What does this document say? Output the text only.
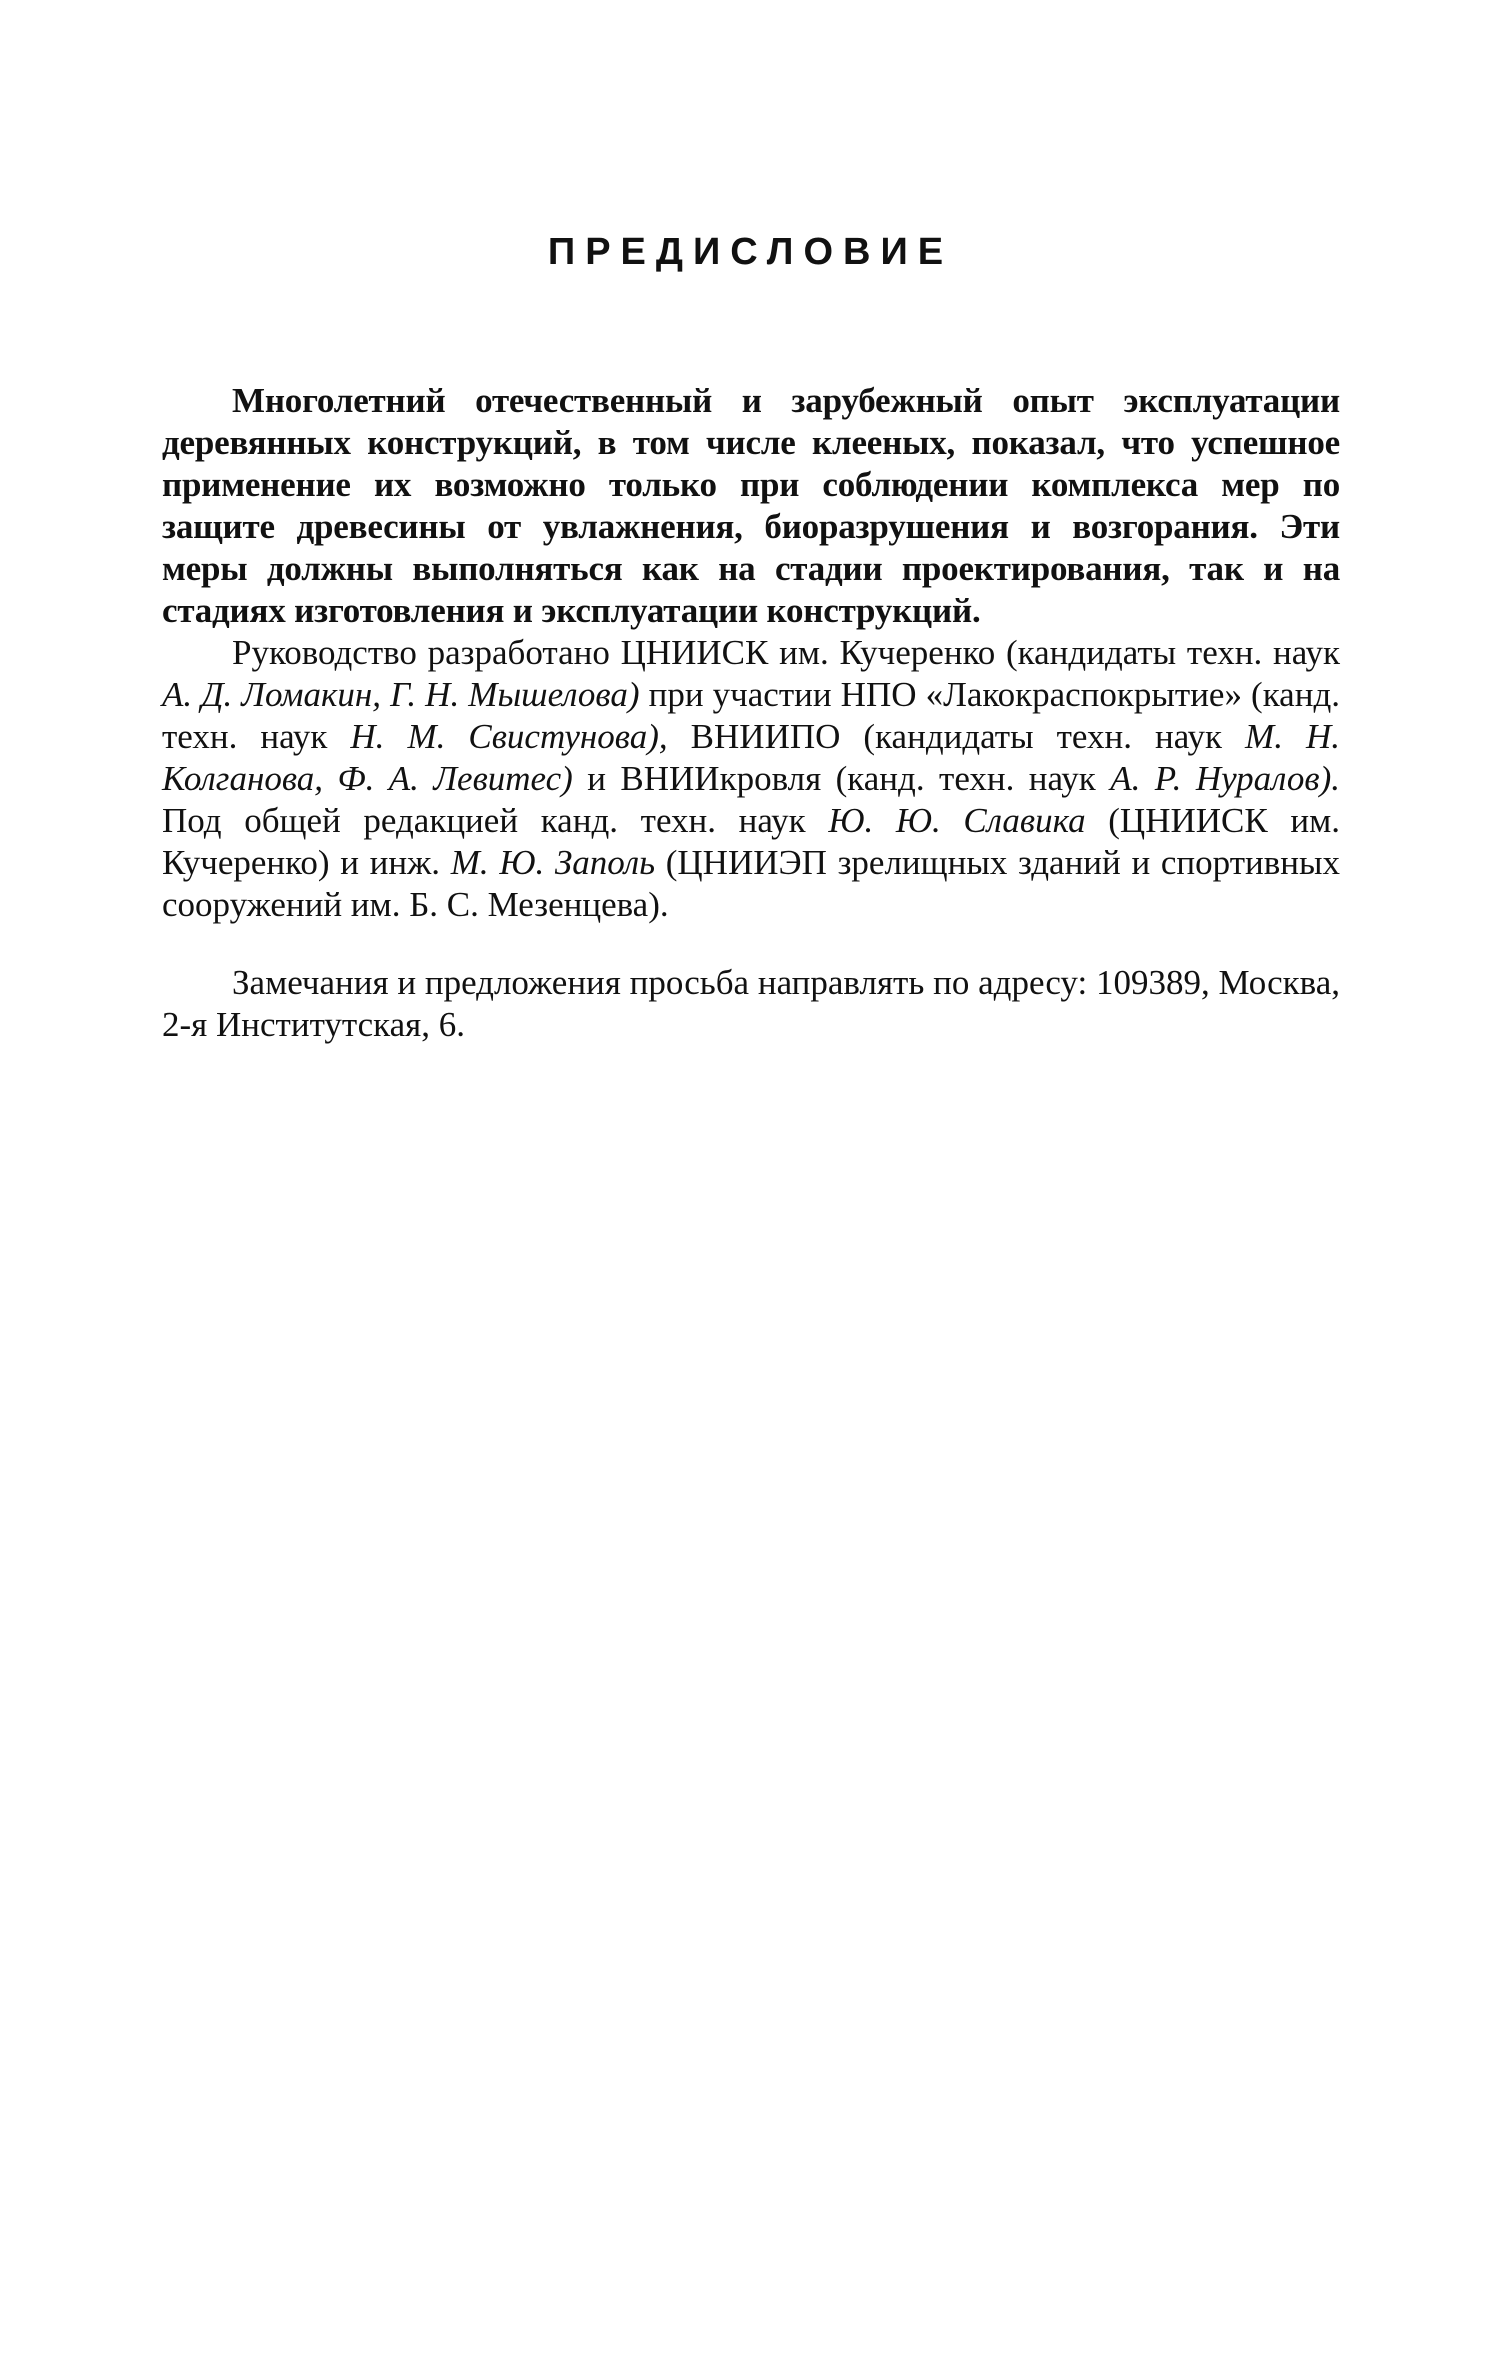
ПРЕДИСЛОВИЕ

Многолетний отечественный и зарубежный опыт эксплуатации деревянных конструкций, в том числе клееных, показал, что успешное применение их возможно только при соблюдении комплекса мер по защите древесины от увлажнения, биоразрушения и возгорания. Эти меры должны выполняться как на стадии проектирования, так и на стадиях изготовления и эксплуатации конструкций.

Руководство разработано ЦНИИСК им. Кучеренко (кандидаты техн. наук А. Д. Ломакин, Г. Н. Мышелова) при участии НПО «Лакокраспокрытие» (канд. техн. наук Н. М. Свистунова), ВНИИПО (кандидаты техн. наук М. Н. Колганова, Ф. А. Левитес) и ВНИИкровля (канд. техн. наук А. Р. Нуралов). Под общей редакцией канд. техн. наук Ю. Ю. Славика (ЦНИИСК им. Кучеренко) и инж. М. Ю. Заполь (ЦНИИЭП зрелищных зданий и спортивных сооружений им. Б. С. Мезенцева).

Замечания и предложения просьба направлять по адресу: 109389, Москва, 2-я Институтская, 6.
